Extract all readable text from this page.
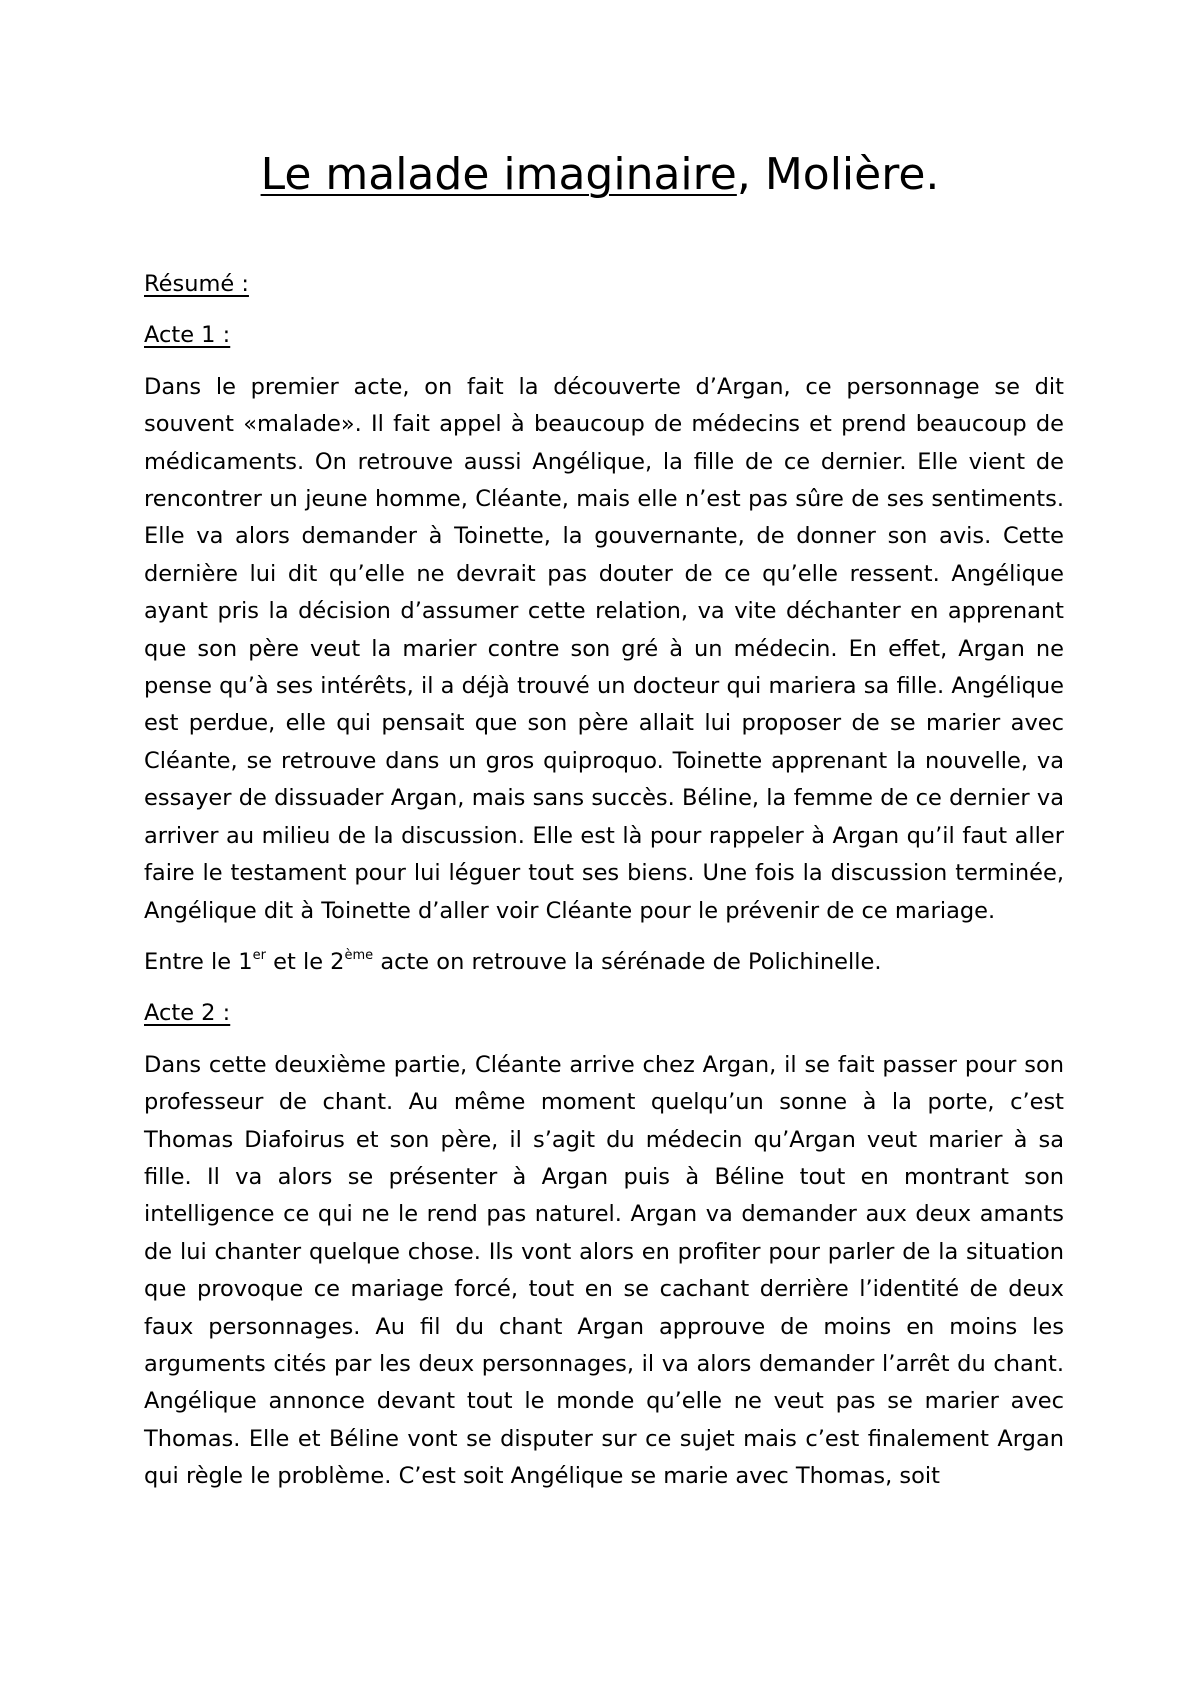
Le malade imaginaire, Molière.
Résumé :
Acte 1 :

Dans le premier acte, on fait la découverte d’Argan, ce personnage se dit souvent «malade». Il fait appel à beaucoup de médecins et prend beaucoup de médicaments. On retrouve aussi Angélique, la fille de ce dernier. Elle vient de rencontrer un jeune homme, Cléante, mais elle n’est pas sûre de ses sentiments. Elle va alors demander à Toinette, la gouvernante, de donner son avis. Cette dernière lui dit qu’elle ne devrait pas douter de ce qu’elle ressent. Angélique ayant pris la décision d’assumer cette relation, va vite déchanter en apprenant que son père veut la marier contre son gré à un médecin. En effet, Argan ne pense qu’à ses intérêts, il a déjà trouvé un docteur qui mariera sa fille. Angélique est perdue, elle qui pensait que son père allait lui proposer de se marier avec Cléante, se retrouve dans un gros quiproquo. Toinette apprenant la nouvelle, va essayer de dissuader Argan, mais sans succès. Béline, la femme de ce dernier va arriver au milieu de la discussion. Elle est là pour rappeler à Argan qu’il faut aller faire le testament pour lui léguer tout ses biens. Une fois la discussion terminée, Angélique dit à Toinette d’aller voir Cléante pour le prévenir de ce mariage.

Entre le 1er et le 2ème acte on retrouve la sérénade de Polichinelle.

Acte 2 :

Dans cette deuxième partie, Cléante arrive chez Argan, il se fait passer pour son professeur de chant. Au même moment quelqu’un sonne à la porte, c’est Thomas Diafoirus et son père, il s’agit du médecin qu’Argan veut marier à sa fille. Il va alors se présenter à Argan puis à Béline tout en montrant son intelligence ce qui ne le rend pas naturel. Argan va demander aux deux amants de lui chanter quelque chose. Ils vont alors en profiter pour parler de la situation que provoque ce mariage forcé, tout en se cachant derrière l’identité de deux faux personnages. Au fil du chant Argan approuve de moins en moins les arguments cités par les deux personnages, il va alors demander l’arrêt du chant. Angélique annonce devant tout le monde qu’elle ne veut pas se marier avec Thomas. Elle et Béline vont se disputer sur ce sujet mais c’est finalement Argan qui règle le problème. C’est soit Angélique se marie avec Thomas, soit
